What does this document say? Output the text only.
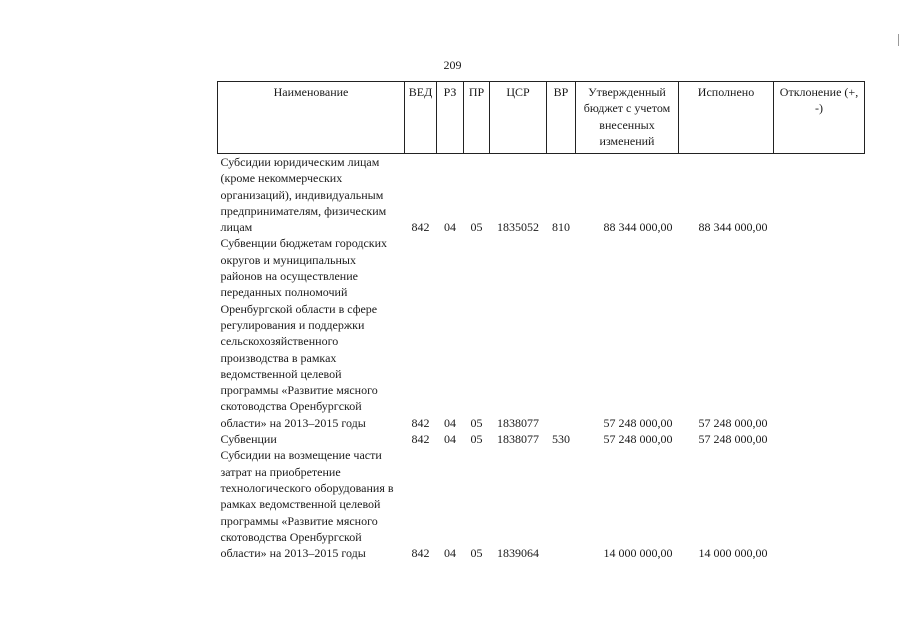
209
Наименование	ВЕД	РЗ	ПР	ЦСР	ВР	Утвержденный бюджет с учетом внесенных изменений	Исполнено	Отклонение (+, -)
Субсидии юридическим лицам (кроме некоммерческих организаций), индивидуальным предпринимателям, физическим лицам	842	04	05	1835052	810	88 344 000,00	88 344 000,00	
Субвенции бюджетам городских округов и муниципальных районов на осуществление переданных полномочий Оренбургской области в сфере регулирования и поддержки сельскохозяйственного производства в рамках ведомственной целевой программы «Развитие мясного скотоводства Оренбургской области» на 2013–2015 годы	842	04	05	1838077		57 248 000,00	57 248 000,00	
Субвенции	842	04	05	1838077	530	57 248 000,00	57 248 000,00	
Субсидии на возмещение части затрат на приобретение технологического оборудования в рамках ведомственной целевой программы «Развитие мясного скотоводства Оренбургской области» на 2013–2015 годы	842	04	05	1839064		14 000 000,00	14 000 000,00	
